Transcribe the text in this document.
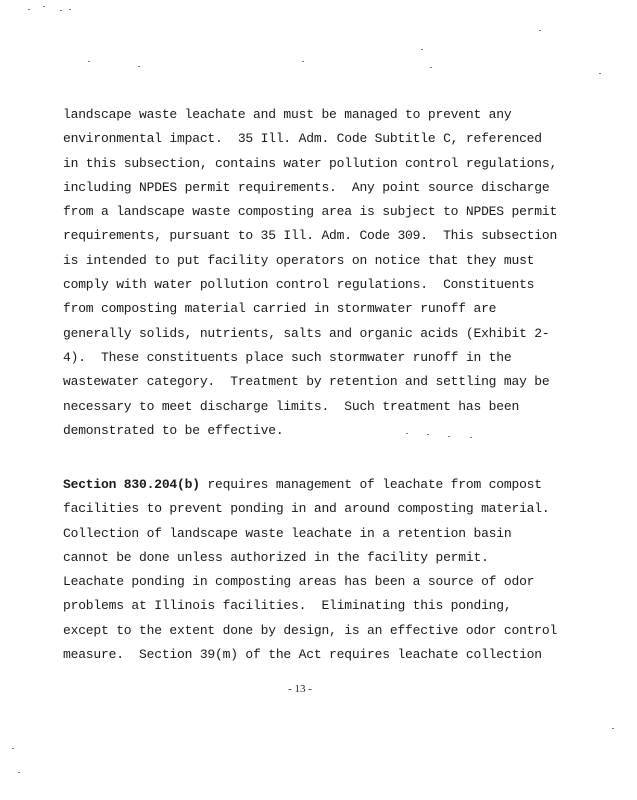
landscape waste leachate and must be managed to prevent any
environmental impact.  35 Ill. Adm. Code Subtitle C, referenced
in this subsection, contains water pollution control regulations,
including NPDES permit requirements.  Any point source discharge
from a landscape waste composting area is subject to NPDES permit
requirements, pursuant to 35 Ill. Adm. Code 309.  This subsection
is intended to put facility operators on notice that they must
comply with water pollution control regulations.  Constituents
from composting material carried in stormwater runoff are
generally solids, nutrients, salts and organic acids (Exhibit 2-
4).  These constituents place such stormwater runoff in the
wastewater category.  Treatment by retention and settling may be
necessary to meet discharge limits.  Such treatment has been
demonstrated to be effective.
Section 830.204(b) requires management of leachate from compost
facilities to prevent ponding in and around composting material.
Collection of landscape waste leachate in a retention basin
cannot be done unless authorized in the facility permit.
Leachate ponding in composting areas has been a source of odor
problems at Illinois facilities.  Eliminating this ponding,
except to the extent done by design, is an effective odor control
measure.  Section 39(m) of the Act requires leachate collection
- 13 -
